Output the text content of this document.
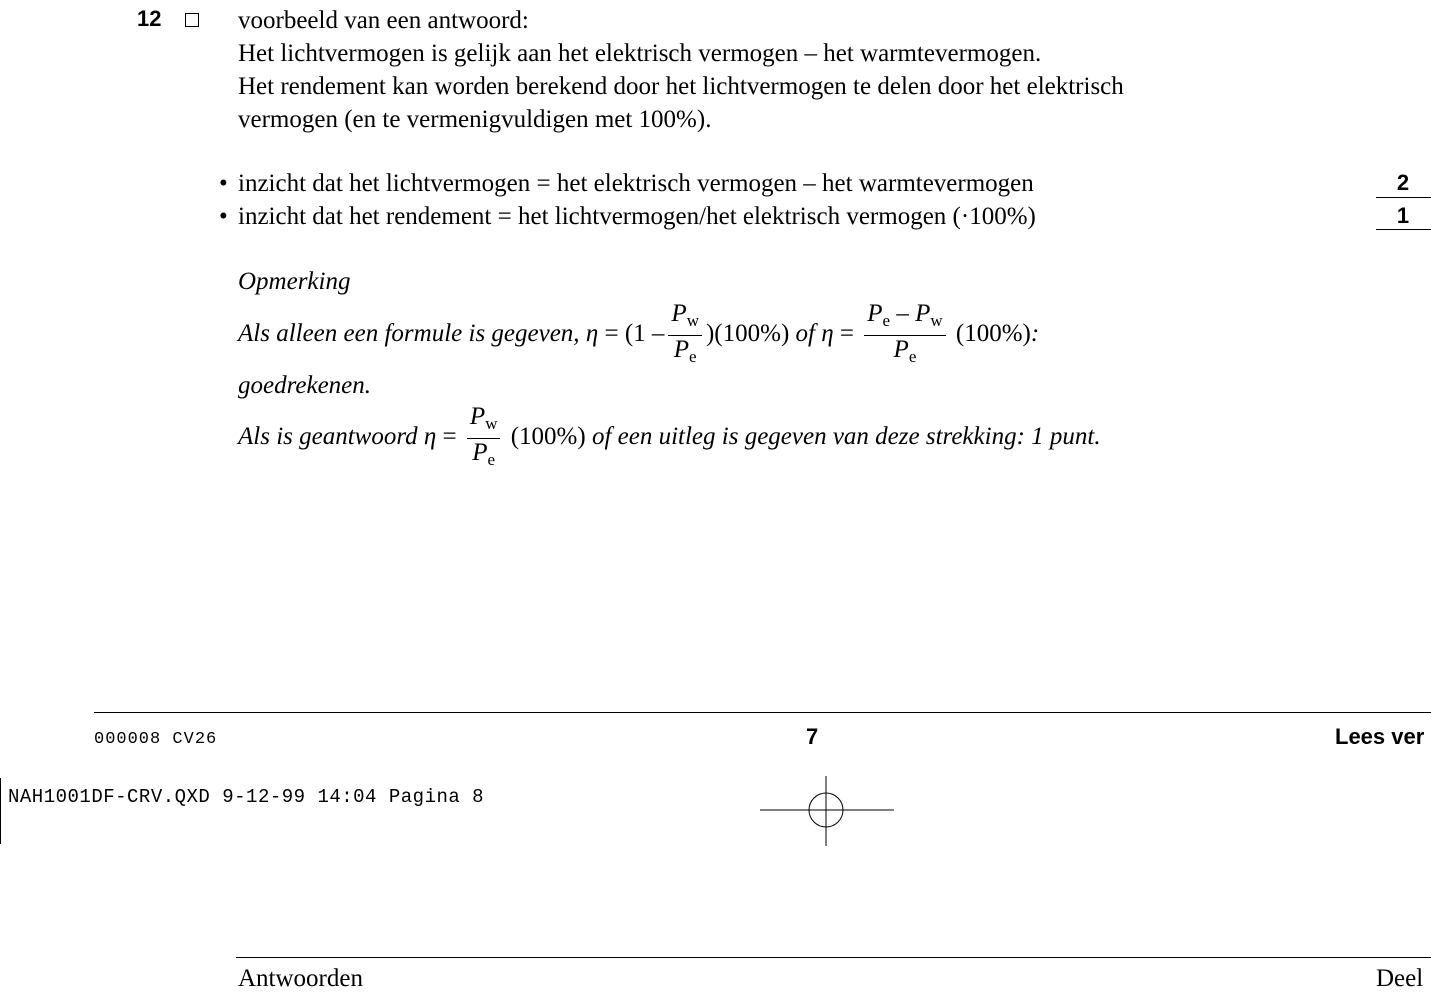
12	voorbeeld van een antwoord:
Het lichtvermogen is gelijk aan het elektrisch vermogen – het warmtevermogen.
Het rendement kan worden berekend door het lichtvermogen te delen door het elektrisch
vermogen (en te vermenigvuldigen met 100%).
• inzicht dat het lichtvermogen = het elektrisch vermogen – het warmtevermogen	2
• inzicht dat het rendement = het lichtvermogen/het elektrisch vermogen (·100%)	1
Opmerking
Als alleen een formule is gegeven, $\eta = (1 - \frac{P_w}{P_e} )(100\%)$ of $\eta = \frac{P_e - P_w}{P_e} (100\%)$:
goedrekenen.
Als is geantwoord $\eta = \frac{P_w}{P_e} (100\%)$ of een uitleg is gegeven van deze strekking: 1 punt.
000008 CV26	7	Lees ver
NAH1001DF-CRV.QXD 9-12-99 14:04 Pagina 8
Antwoorden	Deel
